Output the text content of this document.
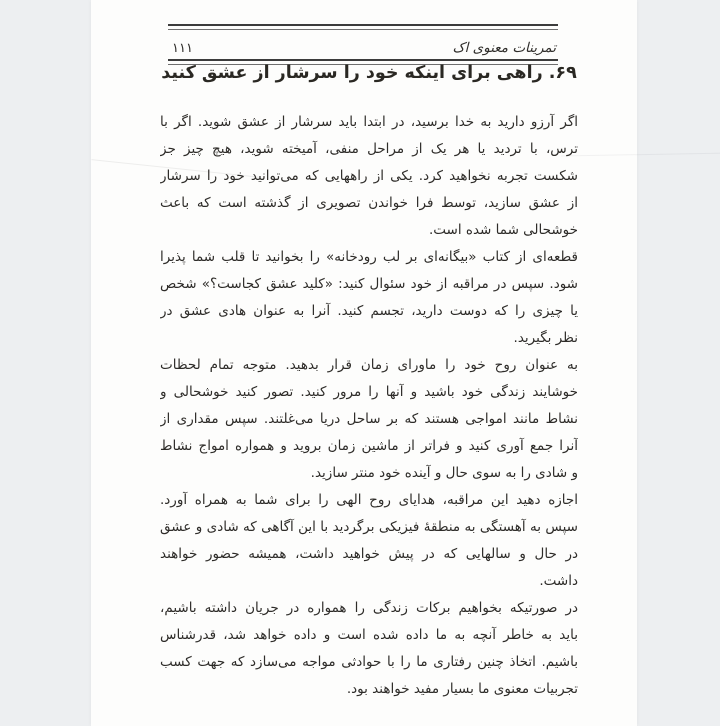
۱۱۱	تمرینات معنوی اک
۶۹. راهی برای اینکه خود را سرشار از عشق کنید
اگر آرزو دارید به خدا برسید، در ابتدا باید سرشار از عشق شوید. اگر با
ترس، با تردید یا هر یک از مراحل منفی، آمیخته شوید، هیچ چیز جز
شکست تجربه نخواهید کرد. یکی از راههایی که می‌توانید خود را سرشار
از عشق سازید، توسط فرا خواندن تصویری از گذشته است که باعث
خوشحالی شما شده است.
قطعه‌ای از کتاب «بیگانه‌ای بر لب رودخانه» را بخوانید تا قلب شما پذیرا
شود. سپس در مراقبه از خود سئوال کنید: «کلید عشق کجاست؟» شخص
یا چیزی را که دوست دارید، تجسم کنید. آنرا به عنوان هادی عشق در
نظر بگیرید.
به عنوان روح خود را ماورای زمان قرار بدهید. متوجه تمام لحظات
خوشایند زندگی خود باشید و آنها را مرور کنید. تصور کنید خوشحالی و
نشاط مانند امواجی هستند که بر ساحل دریا می‌غلتند. سپس مقداری از
آنرا جمع آوری کنید و فراتر از ماشین زمان بروید و همواره امواج نشاط
و شادی را به سوی حال و آینده خود منتر سازید.
اجازه دهید این مراقبه، هدایای روح الهی را برای شما به همراه آورد.
سپس به آهستگی به منطقهٔ فیزیکی برگردید با این آگاهی که شادی و عشق
در حال و سالهایی که در پیش خواهید داشت، همیشه حضور خواهند
داشت.
در صورتیکه بخواهیم برکات زندگی را همواره در جریان داشته باشیم،
باید به خاطر آنچه به ما داده شده است و داده خواهد شد، قدرشناس
باشیم. اتخاذ چنین رفتاری ما را با حوادثی مواجه می‌سازد که جهت کسب
تجربیات معنوی ما بسیار مفید خواهند بود.
